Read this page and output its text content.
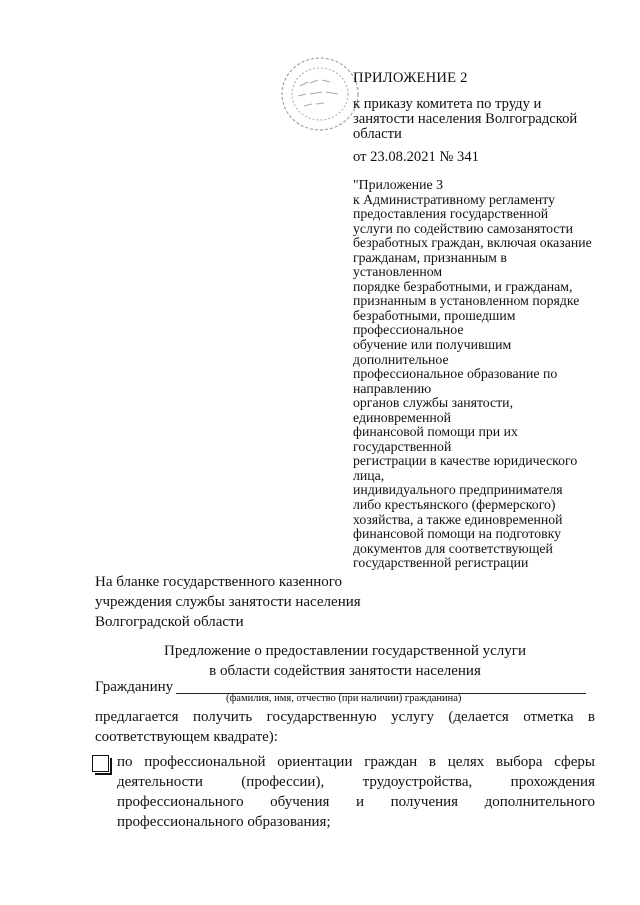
ПРИЛОЖЕНИЕ 2
к приказу комитета по труду и
занятости населения Волгоградской
области
от 23.08.2021 № 341
"Приложение 3
к Административному регламенту
предоставления государственной
услуги по содействию самозанятости
безработных граждан, включая оказание
гражданам, признанным в
установленном
порядке безработными, и гражданам,
признанным в установленном порядке
безработными, прошедшим
профессиональное
обучение или получившим
дополнительное
профессиональное образование по
направлению
органов службы занятости,
единовременной
финансовой помощи при их
государственной
регистрации в качестве юридического
лица,
индивидуального предпринимателя
либо крестьянского (фермерского)
хозяйства, а также единовременной
финансовой помощи на подготовку
документов для соответствующей
государственной регистрации
На бланке государственного казенного
учреждения службы занятости населения
Волгоградской области
Предложение о предоставлении государственной услуги
в области содействия занятости населения
Гражданину
(фамилия, имя, отчество (при наличии) гражданина)
предлагается получить государственную услугу (делается отметка в
соответствующем квадрате):
по профессиональной ориентации граждан в целях выбора сферы
деятельности (профессии), трудоустройства, прохождения
профессионального обучения и получения дополнительного
профессионального образования;
